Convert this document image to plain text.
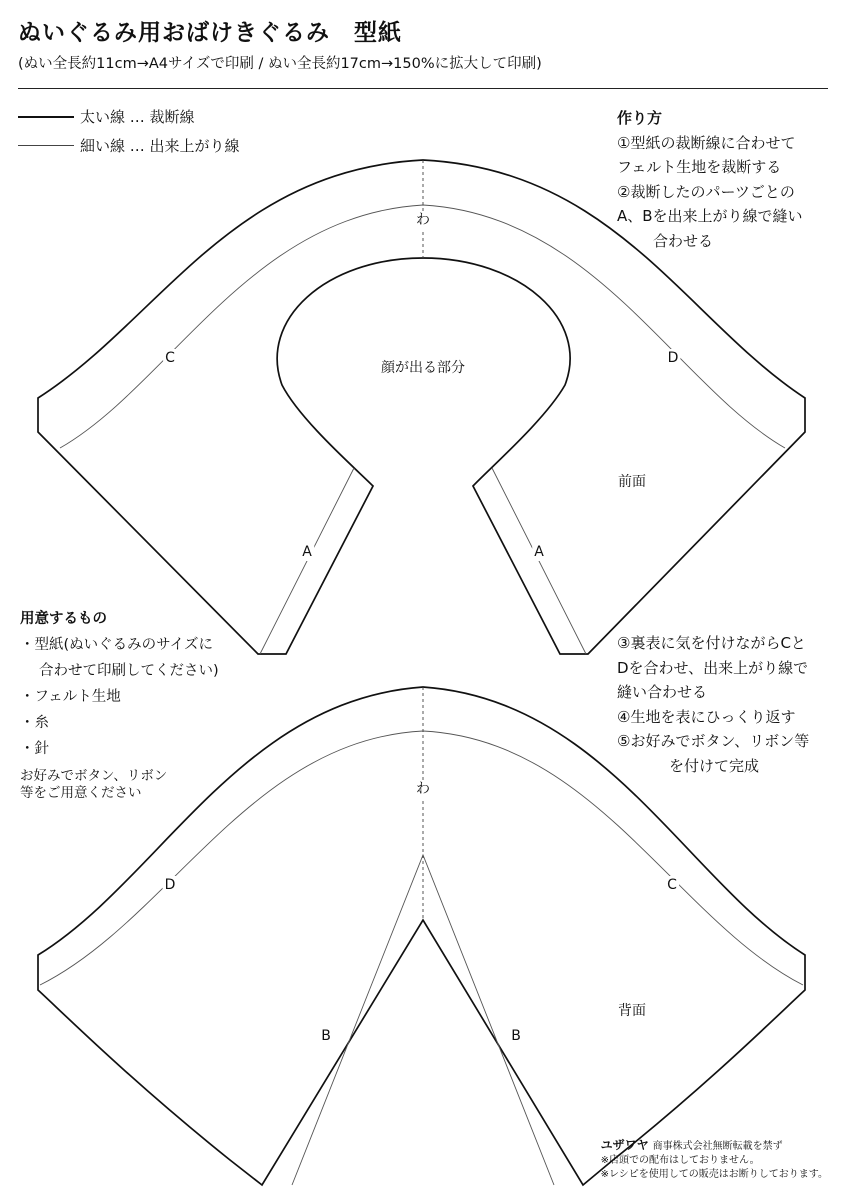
ぬいぐるみ用おばけきぐるみ　型紙
(ぬい全長約11cm→A4サイズで印刷 / ぬい全長約17cm→150%に拡大して印刷)
太い線 … 裁断線
細い線 … 出来上がり線
作り方
①型紙の裁断線に合わせて
フェルト生地を裁断する
②裁断したのパーツごとの
A、Bを出来上がり線で縫い
合わせる
用意するもの
・型紙(ぬいぐるみのサイズに
合わせて印刷してください)
・フェルト生地
・糸
・針
お好みでボタン、リボン等をご用意ください
③裏表に気を付けながらCと
Dを合わせ、出来上がり線で
縫い合わせる
④生地を表にひっくり返す
⑤お好みでボタン、リボン等
を付けて完成
わ
顔が出る部分
C	D
A	A
前面
わ
D	C
B	B
背面
ユザワヤ 商事株式会社無断転載を禁ず
※店頭での配布はしておりません。
※レシピを使用しての販売はお断りしております。
